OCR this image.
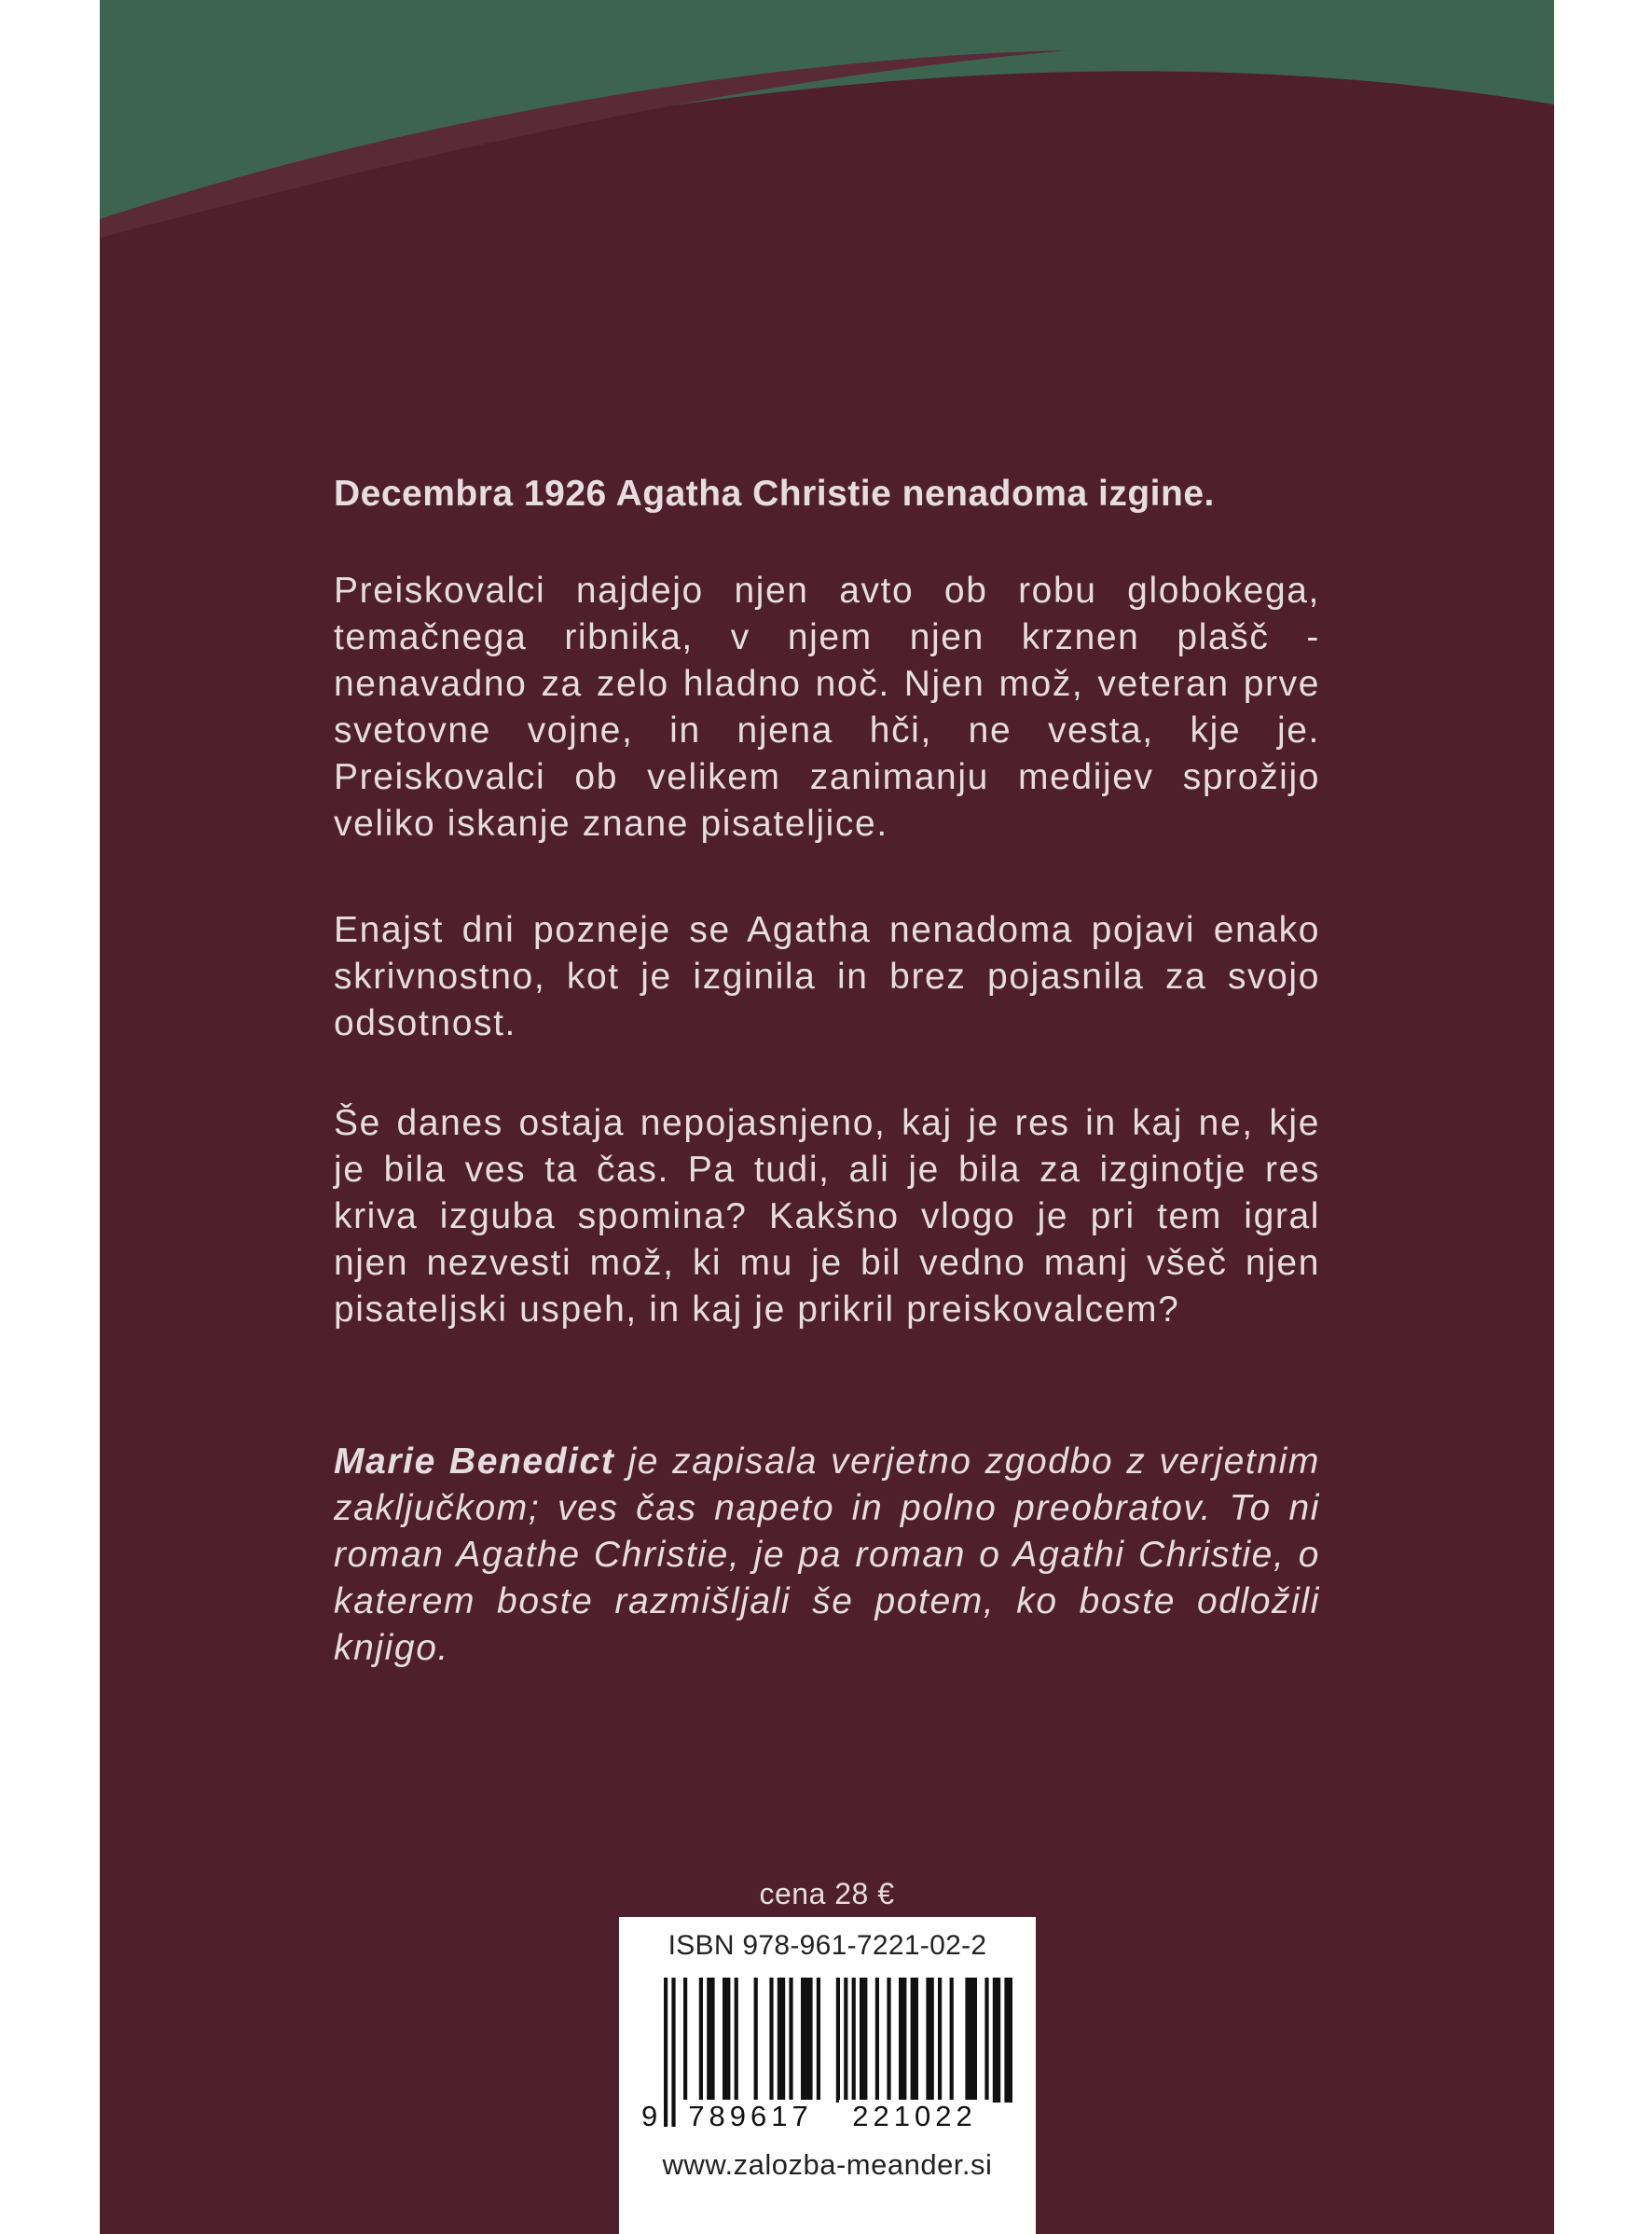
Decembra 1926 Agatha Christie nenadoma izgine.

Preiskovalci najdejo njen avto ob robu globokega, temačnega ribnika, v njem njen krznen plašč - nenavadno za zelo hladno noč. Njen mož, veteran prve svetovne vojne, in njena hči, ne vesta, kje je. Preiskovalci ob velikem zanimanju medijev sprožijo veliko iskanje znane pisateljice.

Enajst dni pozneje se Agatha nenadoma pojavi enako skrivnostno, kot je izginila in brez pojasnila za svojo odsotnost.

Še danes ostaja nepojasnjeno, kaj je res in kaj ne, kje je bila ves ta čas. Pa tudi, ali je bila za izginotje res kriva izguba spomina? Kakšno vlogo je pri tem igral njen nezvesti mož, ki mu je bil vedno manj všeč njen pisateljski uspeh, in kaj je prikril preiskovalcem?

Marie Benedict je zapisala verjetno zgodbo z verjetnim zaključkom; ves čas napeto in polno preobratov. To ni roman Agathe Christie, je pa roman o Agathi Christie, o katerem boste razmišljali še potem, ko boste odložili knjigo.

cena 28 €
ISBN 978-961-7221-02-2
9	789617	221022
www.zalozba-meander.si
